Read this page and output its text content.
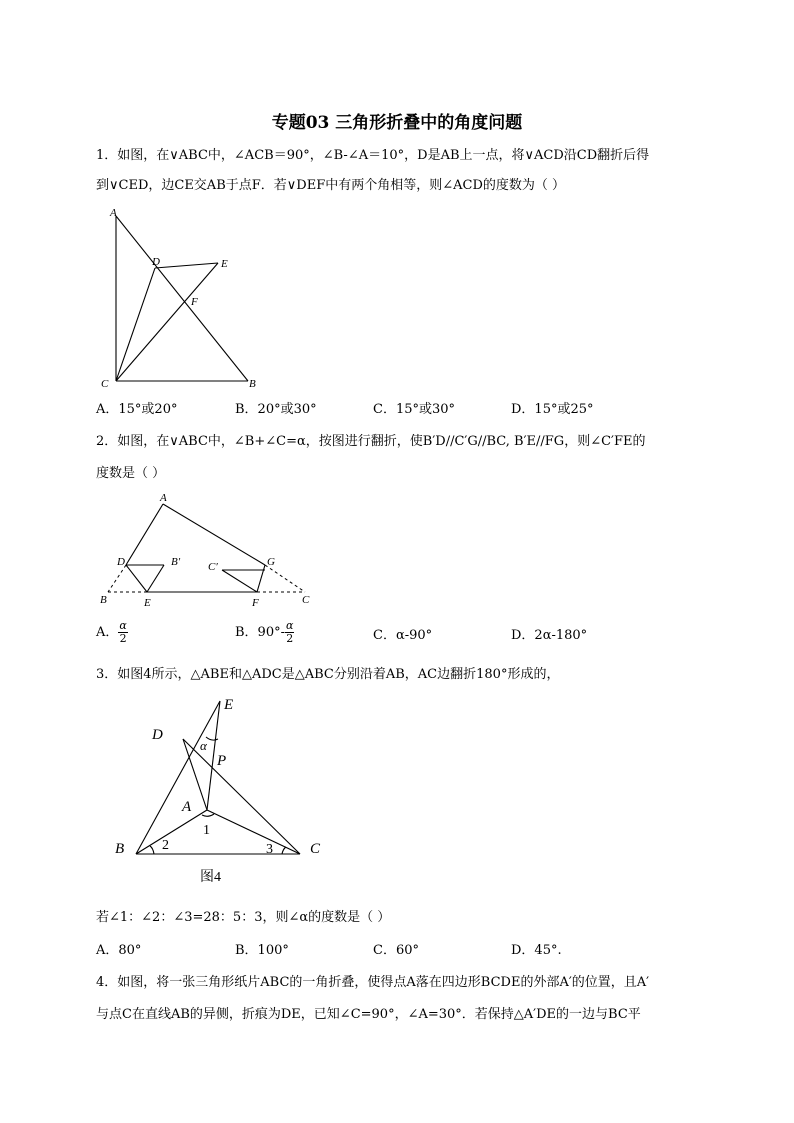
专题03 三角形折叠中的角度问题
1．如图，在∨ABC中，∠ACB＝90°，∠B-∠A＝10°，D是AB上一点，将∨ACD沿CD翻折后得
到∨CED，边CE交AB于点F．若∨DEF中有两个角相等，则∠ACD的度数为（ ）
A
D	E
F
C	B
A．15°或20°	B．20°或30°	C．15°或30°	D．15°或25°
2．如图，在∨ABC中，∠B+∠C=α，按图进行翻折，使B′D//C′G//BC, B′E//FG，则∠C′FE的
度数是（ ）
A
D	B′	C′	G
B	E	F	C
A． $\frac{\alpha}{2}$	B．$90^\circ- \frac{\alpha}{2}$	C．α-90°	D．2α-180°
3．如图4所示，△ABE和△ADC是△ABC分别沿着AB，AC边翻折180°形成的，
E
D
α
P
A
1
B	2	3 C
图4
若∠1：∠2：∠3=28：5：3，则∠α的度数是（ ）
A．80°	B．100°	C．60°	D．45°.
4．如图，将一张三角形纸片ABC的一角折叠，使得点A落在四边形BCDE的外部A′的位置，且A′
与点C在直线AB的异侧，折痕为DE，已知∠C=90°，∠A=30°．若保持△A′DE的一边与BC平
